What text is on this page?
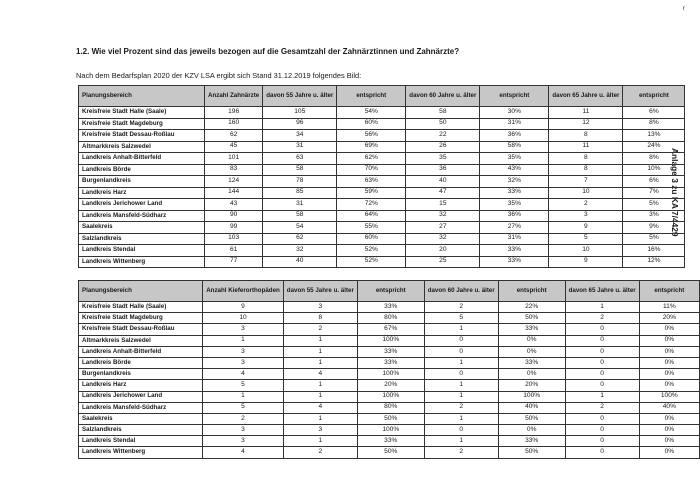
r
1.2. Wie viel Prozent sind das jeweils bezogen auf die Gesamtzahl der Zahnärztinnen und Zahnärzte?
Nach dem Bedarfsplan 2020 der KZV LSA ergibt sich Stand 31.12.2019 folgendes Bild:
Anlage 3 zu KA 7/4429
Planungsbereich	Anzahl Zahnärzte	davon 55 Jahre u. älter	entspricht	davon 60 Jahre u. älter	entspricht	davon 65 Jahre u. älter	entspricht
Kreisfreie Stadt Halle (Saale)	196	105	54%	58	30%	11	6%
Kreisfreie Stadt Magdeburg	160	96	60%	50	31%	12	8%
Kreisfreie Stadt Dessau-Roßlau	62	34	56%	22	36%	8	13%
Altmarkkreis Salzwedel	45	31	69%	26	58%	11	24%
Landkreis Anhalt-Bitterfeld	101	63	62%	35	35%	8	8%
Landkreis Börde	83	58	70%	36	43%	8	10%
Burgenlandkreis	124	78	63%	40	32%	7	6%
Landkreis Harz	144	85	59%	47	33%	10	7%
Landkreis Jerichower Land	43	31	72%	15	35%	2	5%
Landkreis Mansfeld-Südharz	90	58	64%	32	36%	3	3%
Saalekreis	99	54	55%	27	27%	9	9%
Salzlandkreis	103	62	60%	32	31%	5	5%
Landkreis Stendal	61	32	52%	20	33%	10	16%
Landkreis Wittenberg	77	40	52%	25	33%	9	12%
Planungsbereich	Anzahl Kieferorthopäden	davon 55 Jahre u. älter	entspricht	davon 60 Jahre u. älter	entspricht	davon 65 Jahre u. älter	entspricht
Kreisfreie Stadt Halle (Saale)	9	3	33%	2	22%	1	11%
Kreisfreie Stadt Magdeburg	10	8	80%	5	50%	2	20%
Kreisfreie Stadt Dessau-Roßlau	3	2	67%	1	33%	0	0%
Altmarkkreis Salzwedel	1	1	100%	0	0%	0	0%
Landkreis Anhalt-Bitterfeld	3	1	33%	0	0%	0	0%
Landkreis Börde	3	1	33%	1	33%	0	0%
Burgenlandkreis	4	4	100%	0	0%	0	0%
Landkreis Harz	5	1	20%	1	20%	0	0%
Landkreis Jerichower Land	1	1	100%	1	100%	1	100%
Landkreis Mansfeld-Südharz	5	4	80%	2	40%	2	40%
Saalekreis	2	1	50%	1	50%	0	0%
Salzlandkreis	3	3	100%	0	0%	0	0%
Landkreis Stendal	3	1	33%	1	33%	0	0%
Landkreis Wittenberg	4	2	50%	2	50%	0	0%
